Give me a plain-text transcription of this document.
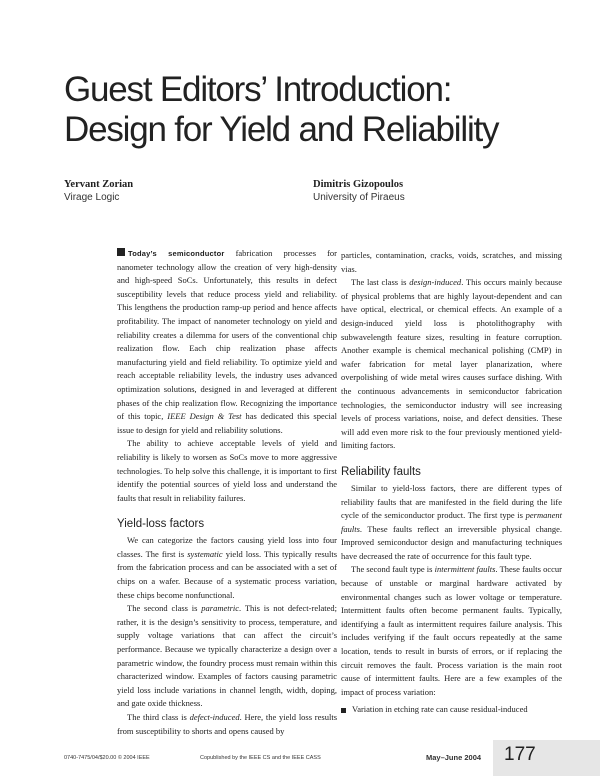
Guest Editors’ Introduction:
Design for Yield and Reliability
Yervant Zorian
Virage Logic
Dimitris Gizopoulos
University of Piraeus

Today’s semiconductor fabrication processes for nanometer technology allow the creation of very high-density and high-speed SoCs. Unfortunately, this results in defect susceptibility levels that reduce process yield and reliability. This lengthens the production ramp-up period and hence affects profitability. The impact of nanometer technology on yield and reliability creates a dilemma for users of the conventional chip realization flow. Each chip realization phase affects manufacturing yield and field reliability. To optimize yield and reach acceptable reliability levels, the industry uses advanced optimization solutions, designed in and leveraged at different phases of the chip realization flow. Recognizing the importance of this topic, IEEE Design & Test has dedicated this special issue to design for yield and reliability solutions.

The ability to achieve acceptable levels of yield and reliability is likely to worsen as SoCs move to more aggressive technologies. To help solve this challenge, it is important to first identify the potential sources of yield loss and understand the faults that result in reliability failures.

Yield-loss factors

We can categorize the factors causing yield loss into four classes. The first is systematic yield loss. This typically results from the fabrication process and can be associated with a set of chips on a wafer. Because of a systematic process variation, these chips become nonfunctional.

The second class is parametric. This is not defect-related; rather, it is the design’s sensitivity to process, temperature, and supply voltage variations that can affect the circuit’s performance. Because we typically characterize a design over a parametric window, the foundry process must remain within this characterized window. Examples of factors causing parametric yield loss include variations in channel length, width, doping, and gate oxide thickness.

The third class is defect-induced. Here, the yield loss results from susceptibility to shorts and opens caused by

particles, contamination, cracks, voids, scratches, and missing vias.

The last class is design-induced. This occurs mainly because of physical problems that are highly layout-dependent and can have optical, electrical, or chemical effects. An example of a design-induced yield loss is photolithography with subwavelength feature sizes, resulting in feature corruption. Another example is chemical mechanical polishing (CMP) in wafer fabrication for metal layer planarization, where overpolishing of wide metal wires causes surface dishing. With the continuous advancements in semiconductor fabrication technologies, the semiconductor industry will see increasing levels of process variations, noise, and defect densities. These will add even more risk to the four previously mentioned yield-limiting factors.

Reliability faults

Similar to yield-loss factors, there are different types of reliability faults that are manifested in the field during the life cycle of the semiconductor product. The first type is permanent faults. These faults reflect an irreversible physical change. Improved semiconductor design and manufacturing techniques have decreased the rate of occurrence for this fault type.

The second fault type is intermittent faults. These faults occur because of unstable or marginal hardware activated by environmental changes such as lower voltage or temperature. Intermittent faults often become permanent faults. Typically, identifying a fault as intermittent requires failure analysis. This includes verifying if the fault occurs repeatedly at the same location, tends to result in bursts of errors, or if replacing the circuit removes the fault. Process variation is the main root cause of intermittent faults. Here are a few examples of the impact of process variation:

Variation in etching rate can cause residual-induced
0740-7475/04/$20.00 © 2004 IEEE	Copublished by the IEEE CS and the IEEE CASS	May–June 2004 177
